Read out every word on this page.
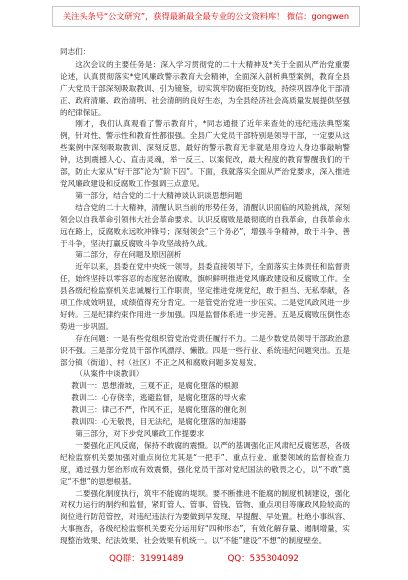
关注头条号“公文研究”，获得最新最全最专业的公文资料库！ 微信：gongwen

同志们：

这次会议的主要任务是：深入学习贯彻党的二十大精神及*关于全面从严治党重要论述，认真贯彻落实*党风廉政警示教育大会精神，全面深入剖析典型案例，教育全县广大党员干部深刻吸取教训、引为镜鉴，切实筑牢防腐拒变防线，持续巩固净化干部清正、政府清廉、政治清明、社会清朗的良好生态，为全县经济社会高质量发展提供坚强的纪律保证。

刚才，我们认真观看了警示教育片，*同志通报了近年来查处的违纪违法典型案例，针对性、警示性和教育性都很强。全县广大党员干部特别是领导干部，一定要从这些案例中深刻吸取教训、深刻反思。最好的警示教育无非就是用身边人身边事敲响警钟，达到震撼人心、直击灵魂，举一反三、以案促改，最大程度的教育警醒我们的干部，防止大家从“好干部”沦为“阶下囚”。下面，我就落实全面从严治党要求，深入推进党风廉政建设和反腐败工作强调三点意见。

第一部分，结合党的二十大精神谈认识谈思想问题

结合党的二十大精神，清醒认识当前的形势任务，清醒认识面临的风险挑战，深刻领会以自我革命引领伟大社会革命要求。认识反腐败是最彻底的自我革命，自我革命永远在路上，反腐败永远吹冲锋号；深刻领会“三个务必”，增强斗争精神，敢于斗争、善于斗争，坚决打赢反腐败斗争攻坚战持久战。

第二部分，存在问题及原因剖析

近年以来，县委在党中央统一领导，县委直接领导下，全面落实主体责任和监督责任，始终坚持以零容忍的态度惩治腐败，旗帜鲜明推进党风廉政建设和反腐败工作。全县各级纪检监察机关忠诚履行工作职责，坚定推进党规党纪，敢于担当、无私奉献，各项工作成效明显，成绩值得充分肯定。一是管党治党进一步压实。二是党风政风进一步好转。三是纪律约束作用进一步加强。四是监督体系进一步完善。五是反腐败压倒性态势进一步巩固。

存在问题：一是有些党组织管党治党责任履行不力。二是少数党员领导干部政治意识不强。三是部分党员干部作风漂浮、懒散。四是一些行业、系统违纪问题突出。五是部分镇（街道）、村（社区）不正之风和腐败问题多发易发。

（从案件中谈教训）

教训一：思想滑坡，三观不正，是腐化堕落的根源

教训二：心存侥幸，逃避监督，是腐化堕落的导火索

教训三：律己不严，作风不正，是腐化堕落的催化剂

教训四：心无敬畏，目无法纪，是腐化堕落的加速器

第三部分，对下步党风廉政工作提要求

一要强化正风反腐，保持不敢腐的震慑。以严的基调强化正风肃纪反腐惩恶，各级纪检监察机关要加强对重点岗位尤其是“一把手”、重点行业、重要领域的监督检查力度，通过强力惩治形成有效震慑，强化党员干部对党纪国法的敬畏之心，以“不敢”奠定“不想”的思想根基。

二要强化制度执行，筑牢不能腐的堤坝。要不断推进不能腐的制度机制建设，强化对权力运行的制约和监督，紧盯管人、管事、管钱、管物、重点项目等廉政风险较高的岗位进行防范管控，对违纪违法行为要做到早发现、早提醒、早处置。杜绝小事纵容、大事拖沓，各级纪检监察机关要充分运用好“四种形态”，有效化解存量、遏制增量，实现整治效果、纪法效果、社会效果有机统一。以“不能”建设“不想”的制度壁垒。

QQ群：31991489	QQ：535304092
